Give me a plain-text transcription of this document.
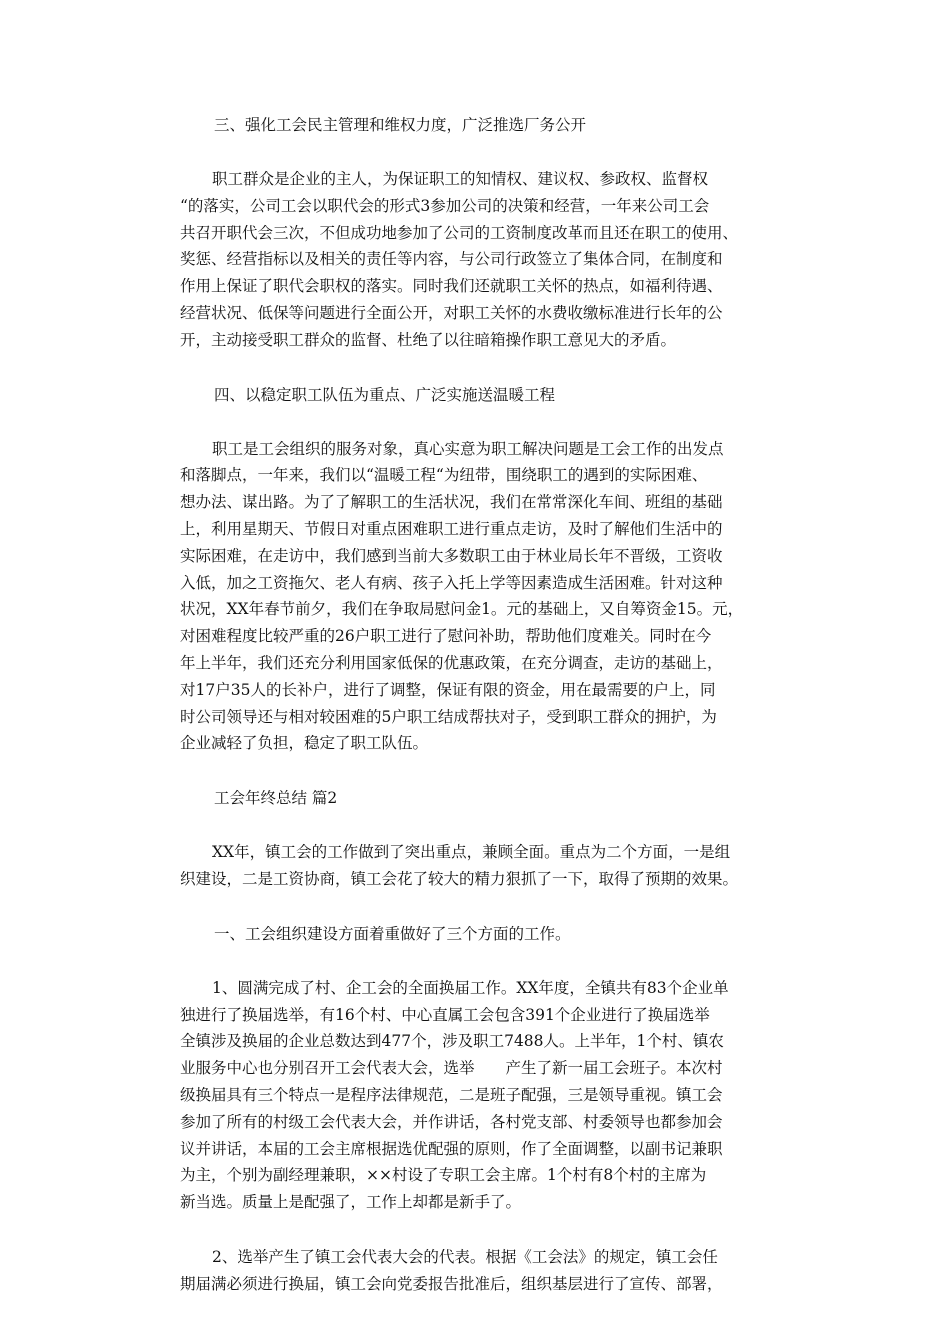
三、强化工会民主管理和维权力度，广泛推选厂务公开
职工群众是企业的主人，为保证职工的知情权、建议权、参政权、监督权
“的落实，公司工会以职代会的形式3参加公司的决策和经营，一年来公司工会
共召开职代会三次，不但成功地参加了公司的工资制度改革而且还在职工的使用、
奖惩、经营指标以及相关的责任等内容，与公司行政签立了集体合同，在制度和
作用上保证了职代会职权的落实。同时我们还就职工关怀的热点，如福利待遇、
经营状况、低保等问题进行全面公开，对职工关怀的水费收缴标准进行长年的公
开，主动接受职工群众的监督、杜绝了以往暗箱操作职工意见大的矛盾。
四、以稳定职工队伍为重点、广泛实施送温暖工程
职工是工会组织的服务对象，真心实意为职工解决问题是工会工作的出发点
和落脚点，一年来，我们以“温暖工程“为纽带，围绕职工的遇到的实际困难、
想办法、谋出路。为了了解职工的生活状况，我们在常常深化车间、班组的基础
上，利用星期天、节假日对重点困难职工进行重点走访，及时了解他们生活中的
实际困难，在走访中，我们感到当前大多数职工由于林业局长年不晋级，工资收
入低，加之工资拖欠、老人有病、孩子入托上学等因素造成生活困难。针对这种
状况，XX年春节前夕，我们在争取局慰问金1。元的基础上，又自筹资金15。元，
对困难程度比较严重的26户职工进行了慰问补助，帮助他们度难关。同时在今
年上半年，我们还充分利用国家低保的优惠政策，在充分调查，走访的基础上，
对17户35人的长补户，进行了调整，保证有限的资金，用在最需要的户上，同
时公司领导还与相对较困难的5户职工结成帮扶对子，受到职工群众的拥护，为
企业减轻了负担，稳定了职工队伍。
工会年终总结 篇2
XX年，镇工会的工作做到了突出重点，兼顾全面。重点为二个方面，一是组
织建设，二是工资协商，镇工会花了较大的精力狠抓了一下，取得了预期的效果。
一、工会组织建设方面着重做好了三个方面的工作。
1、圆满完成了村、企工会的全面换届工作。XX年度，全镇共有83个企业单
独进行了换届选举，有16个村、中心直属工会包含391个企业进行了换届选举
全镇涉及换届的企业总数达到477个，涉及职工7488人。上半年，1个村、镇农
业服务中心也分别召开工会代表大会，选举　　产生了新一届工会班子。本次村
级换届具有三个特点一是程序法律规范，二是班子配强，三是领导重视。镇工会
参加了所有的村级工会代表大会，并作讲话，各村党支部、村委领导也都参加会
议并讲话，本届的工会主席根据选优配强的原则，作了全面调整，以副书记兼职
为主，个别为副经理兼职，××村设了专职工会主席。1个村有8个村的主席为
新当选。质量上是配强了，工作上却都是新手了。
2、选举产生了镇工会代表大会的代表。根据《工会法》的规定，镇工会任
期届满必须进行换届，镇工会向党委报告批准后，组织基层进行了宣传、部署，
